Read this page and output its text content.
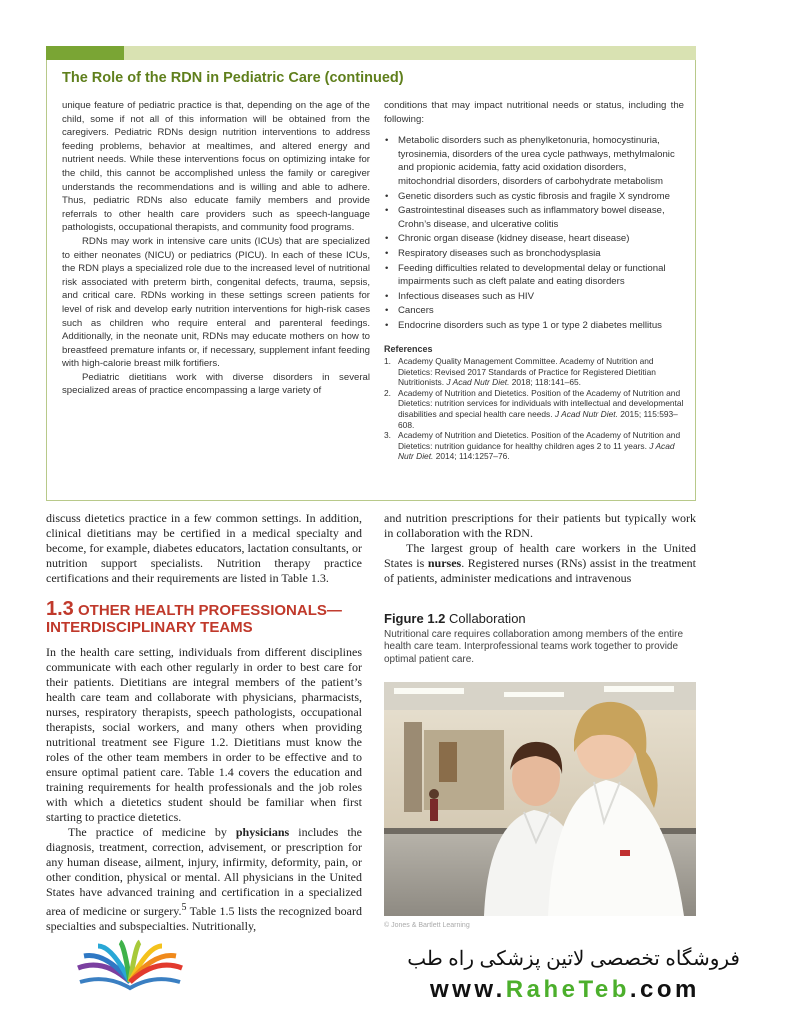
The Role of the RDN in Pediatric Care (continued)

unique feature of pediatric practice is that, depending on the age of the child, some if not all of this information will be obtained from the caregivers. Pediatric RDNs design nutrition interventions to address feeding problems, behavior at mealtimes, and altered energy and nutrient needs. While these interventions focus on optimizing intake for the child, this cannot be accomplished unless the family or caregiver understands the recommendations and is willing and able to adhere. Thus, pediatric RDNs also educate family members and provide referrals to other health care providers such as speech-language pathologists, occupational therapists, and community food programs.

RDNs may work in intensive care units (ICUs) that are specialized to either neonates (NICU) or pediatrics (PICU). In each of these ICUs, the RDN plays a specialized role due to the increased level of nutritional risk associated with preterm birth, congenital defects, trauma, sepsis, and critical care. RDNs working in these settings screen patients for level of risk and develop early nutrition interventions for high-risk cases such as children who require enteral and parenteral feedings. Additionally, in the neonate unit, RDNs may educate mothers on how to breastfeed premature infants or, if necessary, supplement infant feeding with high-calorie breast milk fortifiers.

Pediatric dietitians work with diverse disorders in several specialized areas of practice encompassing a large variety of

conditions that may impact nutritional needs or status, including the following:

• Metabolic disorders such as phenylketonuria, homocystinuria, tyrosinemia, disorders of the urea cycle pathways, methylmalonic and propionic acidemia, fatty acid oxidation disorders, mitochondrial disorders, disorders of carbohydrate metabolism
• Genetic disorders such as cystic fibrosis and fragile X syndrome
• Gastrointestinal diseases such as inflammatory bowel disease, Crohn’s disease, and ulcerative colitis
• Chronic organ disease (kidney disease, heart disease)
• Respiratory diseases such as bronchodysplasia
• Feeding difficulties related to developmental delay or functional impairments such as cleft palate and eating disorders
• Infectious diseases such as HIV
• Cancers
• Endocrine disorders such as type 1 or type 2 diabetes mellitus
References
1. Academy Quality Management Committee. Academy of Nutrition and Dietetics: Revised 2017 Standards of Practice for Registered Dietitian Nutritionists. J Acad Nutr Diet. 2018; 118:141–65.
2. Academy of Nutrition and Dietetics. Position of the Academy of Nutrition and Dietetics: nutrition services for individuals with intellectual and developmental disabilities and special health care needs. J Acad Nutr Diet. 2015; 115:593–608.
3. Academy of Nutrition and Dietetics. Position of the Academy of Nutrition and Dietetics: nutrition guidance for healthy children ages 2 to 11 years. J Acad Nutr Diet. 2014; 114:1257–76.

discuss dietetics practice in a few common settings. In addition, clinical dietitians may be certified in a medical specialty and become, for example, diabetes educators, lactation consultants, or nutrition support specialists. Nutrition therapy practice certifications and their requirements are listed in Table 1.3.

1.3 OTHER HEALTH PROFESSIONALS—INTERDISCIPLINARY TEAMS

In the health care setting, individuals from different disciplines communicate with each other regularly in order to best care for their patients. Dietitians are integral members of the patient’s health care team and collaborate with physicians, pharmacists, nurses, respiratory therapists, speech pathologists, occupational therapists, social workers, and many others when providing nutritional treatment see Figure 1.2. Dietitians must know the roles of the other team members in order to be effective and to ensure optimal patient care. Table 1.4 covers the education and training requirements for health professionals and the job roles with which a dietetics student should be familiar when first starting to practice dietetics.

The practice of medicine by physicians includes the diagnosis, treatment, correction, advisement, or prescription for any human disease, ailment, injury, infirmity, deformity, pain, or other condition, physical or mental. All physicians in the United States have advanced training and certification in a specialized area of medicine or surgery.$^5$ Table 1.5 lists the recognized board specialties and subspecialties. Nutritionally,

and nutrition prescriptions for their patients but typically work in collaboration with the RDN.

The largest group of health care workers in the United States is nurses. Registered nurses (RNs) assist in the treatment of patients, administer medications and intravenous

Figure 1.2 Collaboration
Nutritional care requires collaboration among members of the entire health care team. Interprofessional teams work together to provide optimal patient care.
© Jones & Bartlett Learning
فروشگاه تخصصی لاتین پزشکی راه طب
www.RaheTeb.com
